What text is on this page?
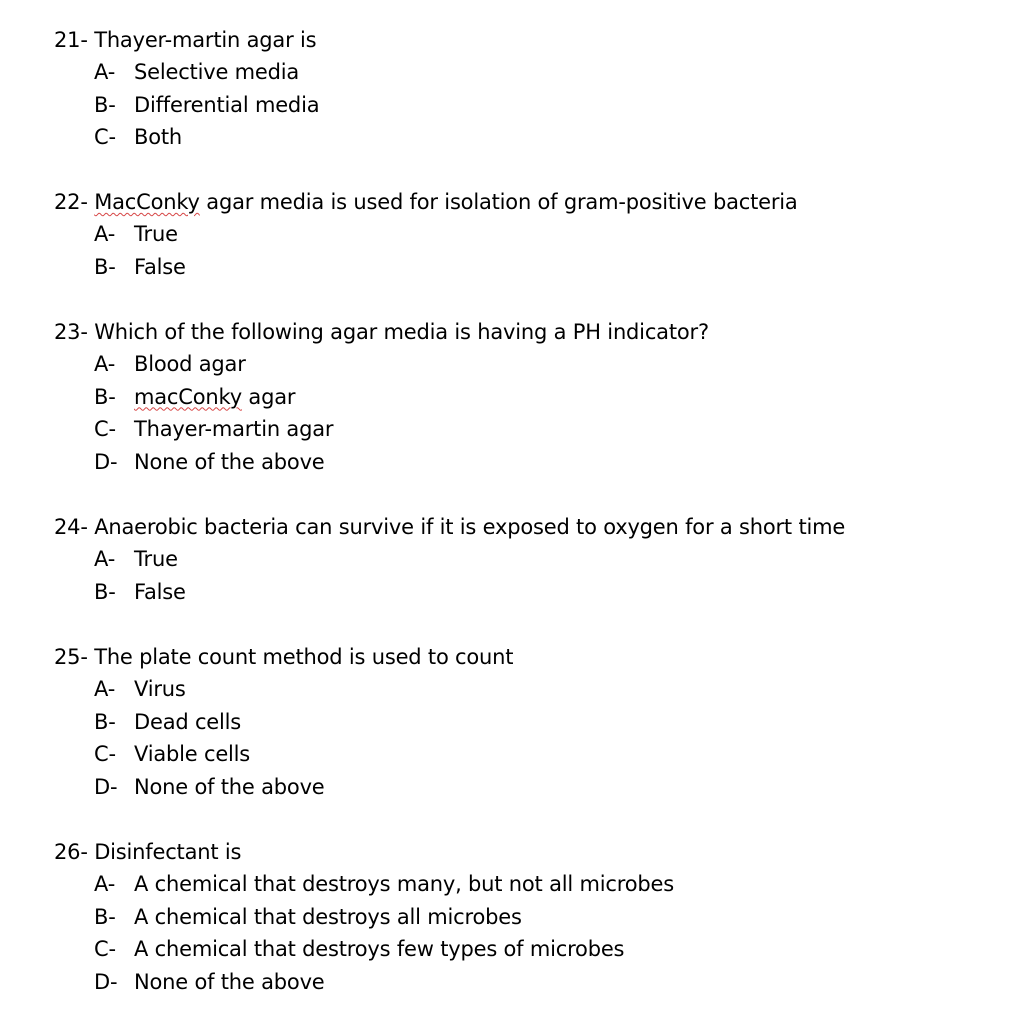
21- Thayer-martin agar is
A- Selective media
B- Differential media
C- Both
22- MacConky agar media is used for isolation of gram-positive bacteria
A- True
B- False
23- Which of the following agar media is having a PH indicator?
A- Blood agar
B- macConky agar
C- Thayer-martin agar
D- None of the above
24- Anaerobic bacteria can survive if it is exposed to oxygen for a short time
A- True
B- False
25- The plate count method is used to count
A- Virus
B- Dead cells
C- Viable cells
D- None of the above
26- Disinfectant is
A- A chemical that destroys many, but not all microbes
B- A chemical that destroys all microbes
C- A chemical that destroys few types of microbes
D- None of the above
